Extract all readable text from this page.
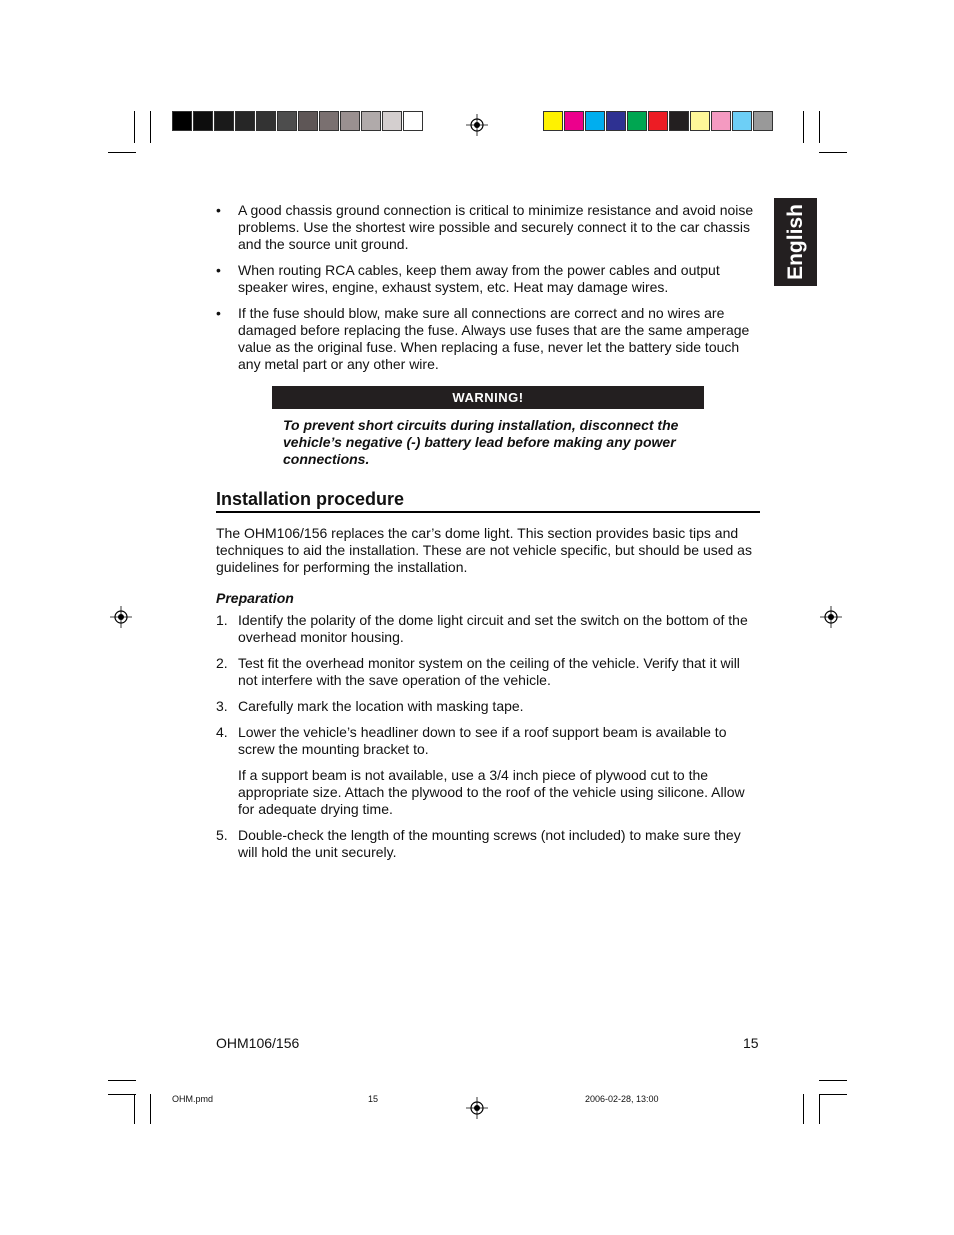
English
• A good chassis ground connection is critical to minimize resistance and avoid noise problems. Use the shortest wire possible and securely connect it to the car chassis and the source unit ground.
• When routing RCA cables, keep them away from the power cables and output speaker wires, engine, exhaust system, etc. Heat may damage wires.
• If the fuse should blow, make sure all connections are correct and no wires are damaged before replacing the fuse. Always use fuses that are the same amperage value as the original fuse. When replacing a fuse, never let the battery side touch any metal part or any other wire.
WARNING!
To prevent short circuits during installation, disconnect the vehicle’s negative (-) battery lead before making any power connections.
Installation procedure
The OHM106/156 replaces the car’s dome light. This section provides basic tips and techniques to aid the installation. These are not vehicle specific, but should be used as guidelines for performing the installation.
Preparation
1. Identify the polarity of the dome light circuit and set the switch on the bottom of the overhead monitor housing.
2. Test fit the overhead monitor system on the ceiling of the vehicle. Verify that it will not interfere with the save operation of the vehicle.
3. Carefully mark the location with masking tape.
4. Lower the vehicle’s headliner down to see if a roof support beam is available to screw the mounting bracket to.
If a support beam is not available, use a 3/4 inch piece of plywood cut to the appropriate size. Attach the plywood to the roof of the vehicle using silicone. Allow for adequate drying time.
5. Double-check the length of the mounting screws (not included) to make sure they will hold the unit securely.
OHM106/156	15
OHM.pmd	15	2006-02-28, 13:00
